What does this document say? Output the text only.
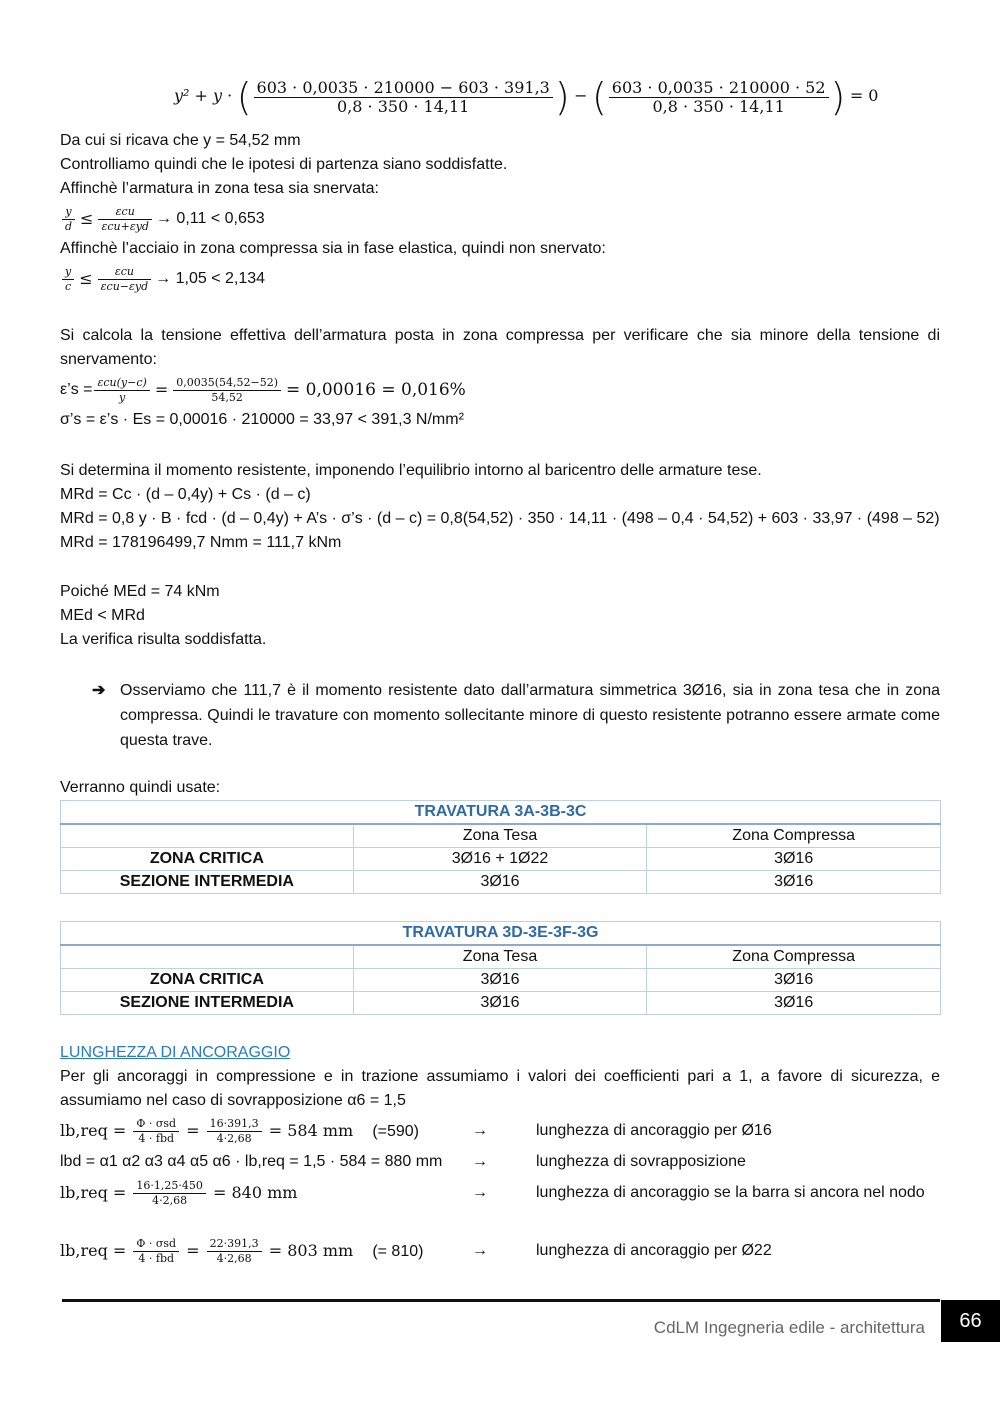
y² + y · ( $\frac{603 \cdot 0,0035 \cdot 210000 - 603 \cdot 391,3}{0,8 \cdot 350 \cdot 14,11}$ ) − ( $\frac{603 \cdot 0,0035 \cdot 210000 \cdot 52}{0,8 \cdot 350 \cdot 14,11}$ ) = 0
Da cui si ricava che y = 54,52 mm
Controlliamo quindi che le ipotesi di partenza siano soddisfatte.
Affinchè l’armatura in zona tesa sia snervata:
$\frac{y}{d} \le \frac{\text{εcu}}{\text{εcu+εyd}} \to 0,11 < 0,653$
Affinchè l’acciaio in zona compressa sia in fase elastica, quindi non snervato:
$\frac{y}{c} \le \frac{\text{εcu}}{\text{εcu−εyd}} \to 1,05 < 2,134$
Si calcola la tensione effettiva dell’armatura posta in zona compressa per verificare che sia minore della tensione di snervamento:
ε’s = $\frac{\text{εcu(y−c)}}{y} = \frac{0,0035(54,52-52)}{54,52} = 0,00016 = 0,016\%$
σ’s = ε’s · Es = 0,00016 · 210000 = 33,97 < 391,3 N/mm²
Si determina il momento resistente, imponendo l’equilibrio intorno al baricentro delle armature tese.
MRd = Cc · (d – 0,4y) + Cs · (d – c)
MRd = 0,8 y · B · fcd · (d – 0,4y) + A’s · σ’s · (d – c) = 0,8(54,52) · 350 · 14,11 · (498 – 0,4 · 54,52) + 603 · 33,97 · (498 – 52)
MRd = 178196499,7 Nmm = 111,7 kNm
Poiché MEd = 74 kNm
MEd < MRd
La verifica risulta soddisfatta.
➔ Osserviamo che 111,7 è il momento resistente dato dall’armatura simmetrica 3Ø16, sia in zona tesa che in zona compressa. Quindi le travature con momento sollecitante minore di questo resistente potranno essere armate come questa trave.
Verranno quindi usate:
TRAVATURA 3A-3B-3C		
	Zona Tesa	Zona Compressa
ZONA CRITICA	3Ø16 + 1Ø22	3Ø16
SEZIONE INTERMEDIA	3Ø16	3Ø16
TRAVATURA 3D-3E-3F-3G		
	Zona Tesa	Zona Compressa
ZONA CRITICA	3Ø16	3Ø16
SEZIONE INTERMEDIA	3Ø16	3Ø16
LUNGHEZZA DI ANCORAGGIO
Per gli ancoraggi in compressione e in trazione assumiamo i valori dei coefficienti pari a 1, a favore di sicurezza, e assumiamo nel caso di sovrapposizione α6 = 1,5
$lb,req = \frac{\text{Φ · σsd}}{\text{4 · fbd}} = \frac{16\cdot 391,3}{4\cdot 2,68} = 584$ mm (=590)	→	lunghezza di ancoraggio per Ø16
lbd = α1 α2 α3 α4 α5 α6 · lb,req = 1,5 · 584 = 880 mm	→	lunghezza di sovrapposizione
$lb,req = \frac{16\cdot 1,25\cdot 450}{4\cdot 2,68} = 840$ mm	→	lunghezza di ancoraggio se la barra si ancora nel nodo
$lb,req = \frac{\text{Φ · σsd}}{\text{4 · fbd}} = \frac{22\cdot 391,3}{4\cdot 2,68} = 803$ mm (= 810)	→	lunghezza di ancoraggio per Ø22
CdLM Ingegneria edile - architettura	66
